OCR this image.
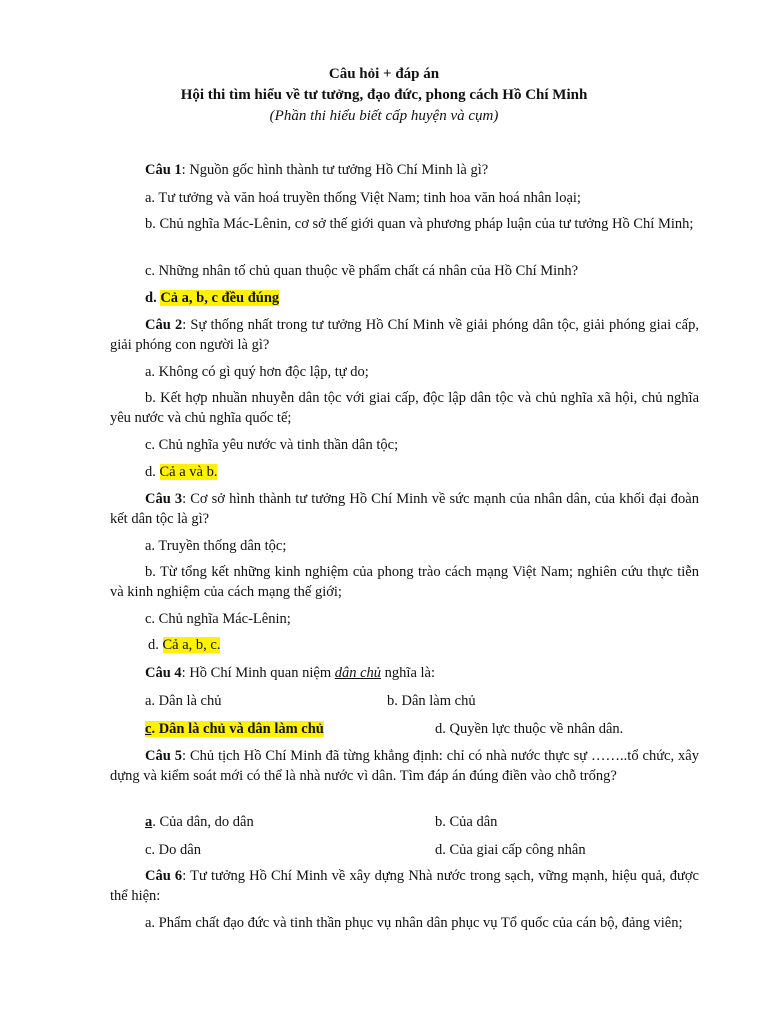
Câu hỏi + đáp án

Hội thi tìm hiểu về tư tưởng, đạo đức, phong cách Hồ Chí Minh

(Phần thi hiểu biết cấp huyện và cụm)

Câu 1: Nguồn gốc hình thành tư tưởng Hồ Chí Minh là gì?

a. Tư tưởng và văn hoá truyền thống Việt Nam; tinh hoa văn hoá nhân loại;

b. Chủ nghĩa Mác-Lênin, cơ sở thế giới quan và phương pháp luận của tư tưởng Hồ Chí Minh;

c. Những nhân tố chủ quan thuộc về phẩm chất cá nhân của Hồ Chí Minh?

d. Cả a, b, c đều đúng

Câu 2: Sự thống nhất trong tư tưởng Hồ Chí Minh về giải phóng dân tộc, giải phóng giai cấp, giải phóng con người là gì?

a. Không có gì quý hơn độc lập, tự do;

b. Kết hợp nhuần nhuyễn dân tộc với giai cấp, độc lập dân tộc và chủ nghĩa xã hội, chủ nghĩa yêu nước và chủ nghĩa quốc tế;

c. Chủ nghĩa yêu nước và tinh thần dân tộc;

d. Cả a và b.

Câu 3: Cơ sở hình thành tư tưởng Hồ Chí Minh về sức mạnh của nhân dân, của khối đại đoàn kết dân tộc là gì?

a. Truyền thống dân tộc;

b. Từ tổng kết những kinh nghiệm của phong trào cách mạng Việt Nam; nghiên cứu thực tiễn và kinh nghiệm của cách mạng thế giới;

c. Chủ nghĩa Mác-Lênin;

d. Cả a, b, c.

Câu 4: Hồ Chí Minh quan niệm dân chủ nghĩa là:

a. Dân là chủ	b. Dân làm chủ

c. Dân là chủ và dân làm chủ	d. Quyền lực thuộc về nhân dân.

Câu 5: Chủ tịch Hồ Chí Minh đã từng khẳng định: chỉ có nhà nước thực sự ……..tổ chức, xây dựng và kiểm soát mới có thể là nhà nước vì dân. Tìm đáp án đúng điền vào chỗ trống?

a. Của dân, do dân	b. Của dân

c. Do dân	d. Của giai cấp công nhân

Câu 6: Tư tưởng Hồ Chí Minh về xây dựng Nhà nước trong sạch, vững mạnh, hiệu quả, được thể hiện:

a. Phẩm chất đạo đức và tinh thần phục vụ nhân dân phục vụ Tổ quốc của cán bộ, đảng viên;
